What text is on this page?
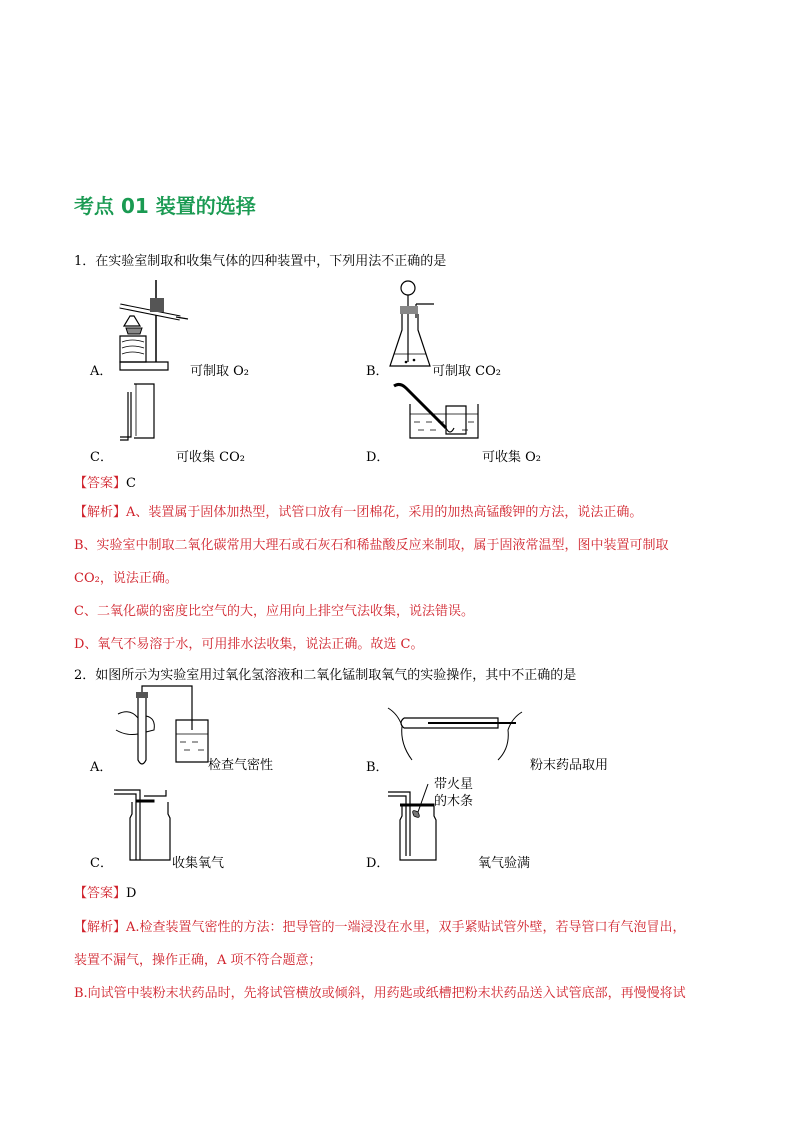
考点 01 装置的选择
1．在实验室制取和收集气体的四种装置中，下列用法不正确的是
A．	可制取 O₂	B．	可制取 CO₂
C．	可收集 CO₂	D．	可收集 O₂
【答案】C
【解析】A、装置属于固体加热型，试管口放有一团棉花，采用的加热高锰酸钾的方法，说法正确。
B、实验室中制取二氧化碳常用大理石或石灰石和稀盐酸反应来制取，属于固液常温型，图中装置可制取
CO₂，说法正确。
C、二氧化碳的密度比空气的大，应用向上排空气法收集，说法错误。
D、氧气不易溶于水，可用排水法收集，说法正确。故选 C。
2．如图所示为实验室用过氧化氢溶液和二氧化锰制取氧气的实验操作，其中不正确的是
A．	检查气密性	B．	粉末药品取用
C．	收集氧气
带火星
的木条
D．	氧气验满
【答案】D
【解析】A.检查装置气密性的方法：把导管的一端浸没在水里，双手紧贴试管外壁，若导管口有气泡冒出，
装置不漏气，操作正确，A 项不符合题意；
B.向试管中装粉末状药品时，先将试管横放或倾斜，用药匙或纸槽把粉末状药品送入试管底部，再慢慢将试
